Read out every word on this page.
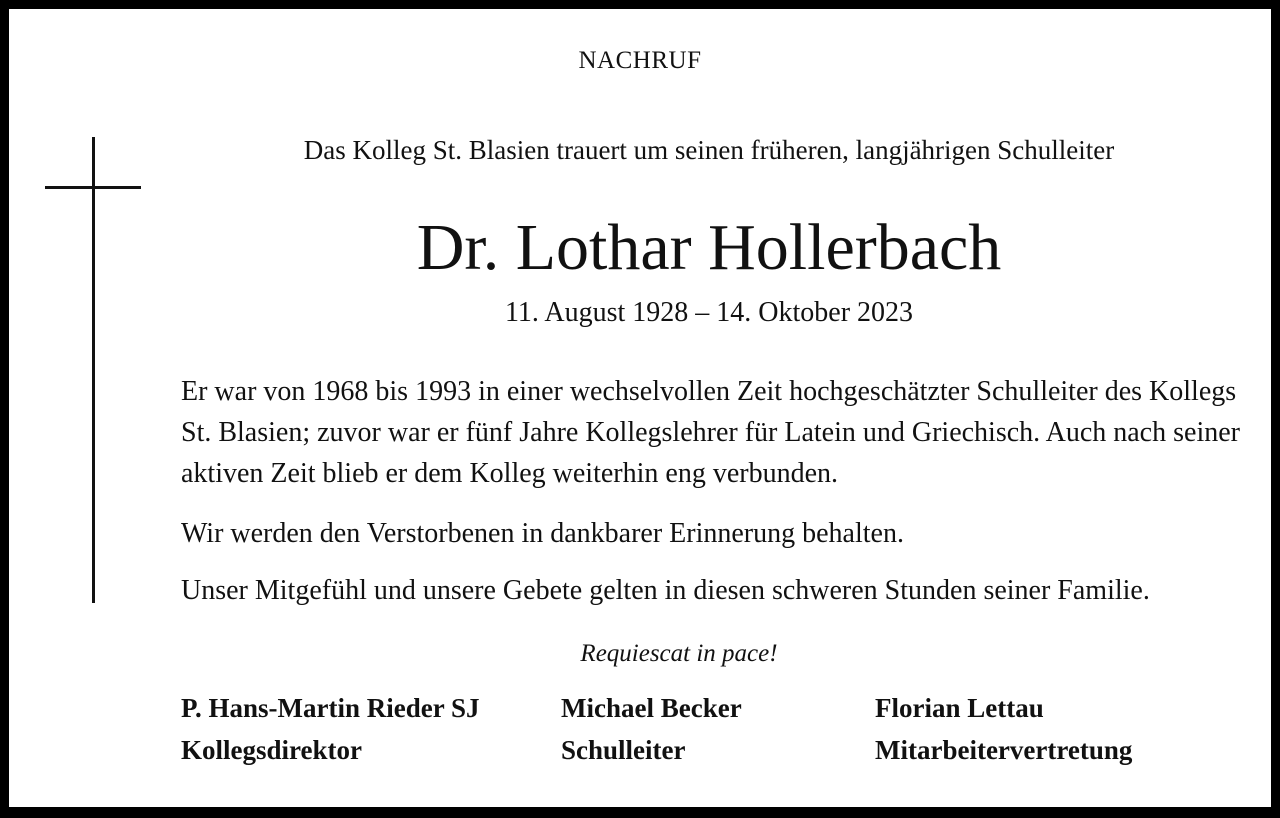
NACHRUF
Das Kolleg St. Blasien trauert um seinen früheren, langjährigen Schulleiter
Dr. Lothar Hollerbach
11. August 1928 – 14. Oktober 2023

Er war von 1968 bis 1993 in einer wechselvollen Zeit hochgeschätzter Schulleiter des Kollegs St. Blasien; zuvor war er fünf Jahre Kollegslehrer für Latein und Griechisch. Auch nach seiner aktiven Zeit blieb er dem Kolleg weiterhin eng verbunden.

Wir werden den Verstorbenen in dankbarer Erinnerung behalten.

Unser Mitgefühl und unsere Gebete gelten in diesen schweren Stunden seiner Familie.

Requiescat in pace!
P. Hans-Martin Rieder SJ
Kollegsdirektor
Michael Becker
Schulleiter
Florian Lettau
Mitarbeitervertretung
